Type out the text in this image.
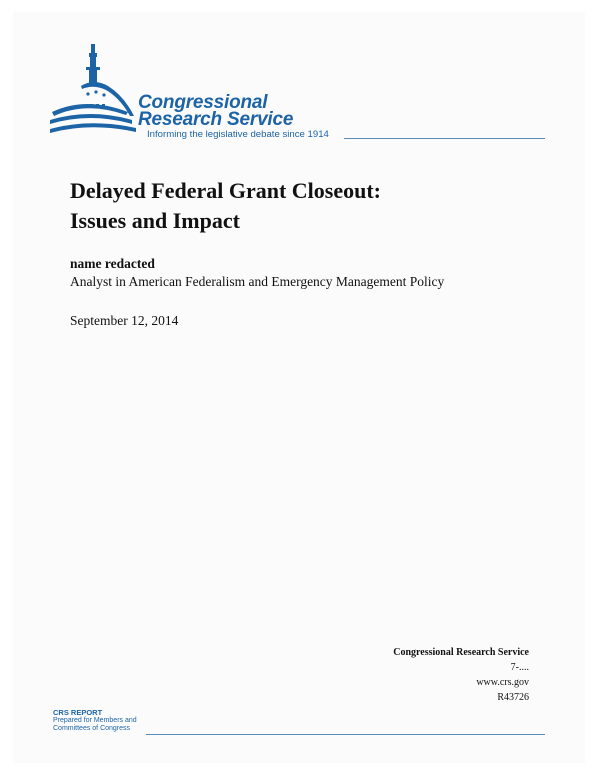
Congressional
Research Service
Informing the legislative debate since 1914
Delayed Federal Grant Closeout:
Issues and Impact
name redacted
Analyst in American Federalism and Emergency Management Policy
September 12, 2014
Congressional Research Service
7-....
www.crs.gov
R43726
CRS REPORT
Prepared for Members and
Committees of Congress
